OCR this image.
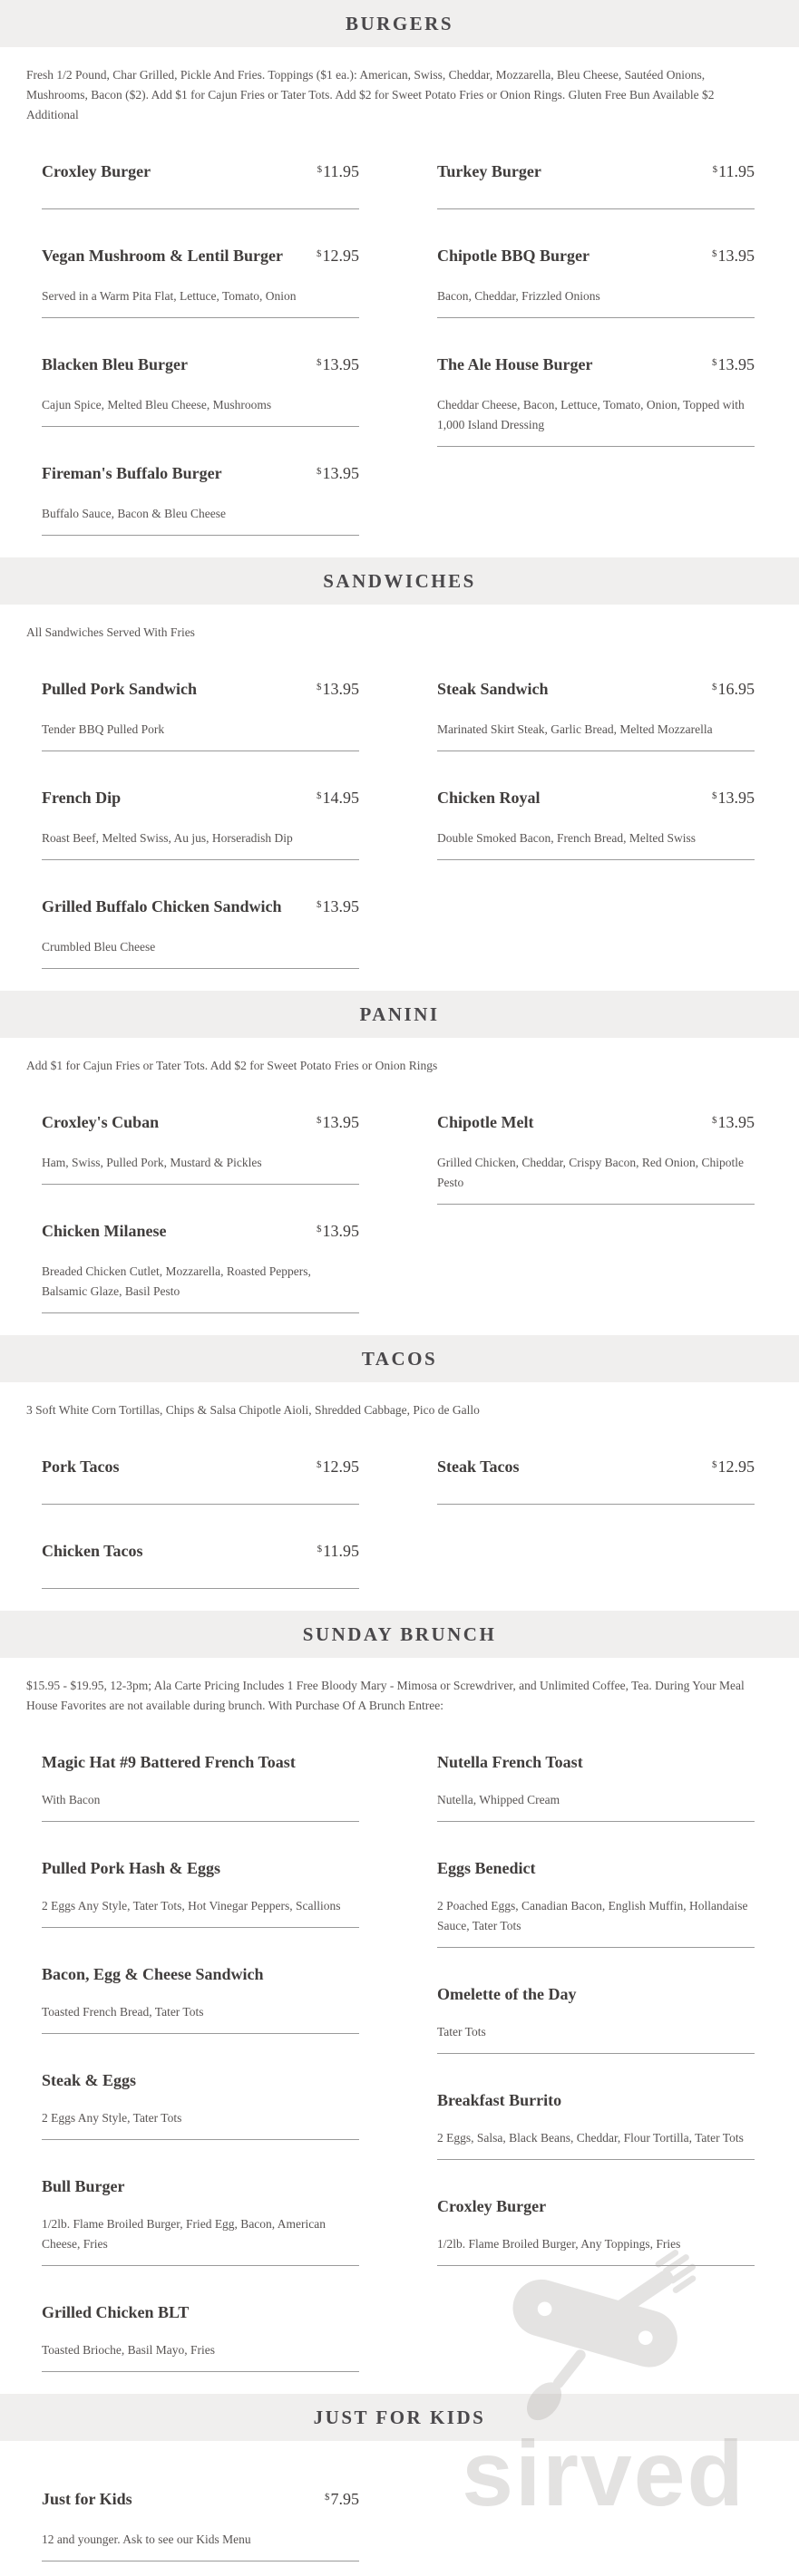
BURGERS

Fresh 1/2 Pound, Char Grilled, Pickle And Fries. Toppings ($1 ea.): American, Swiss, Cheddar, Mozzarella, Bleu Cheese, Sautéed Onions, Mushrooms, Bacon ($2). Add $1 for Cajun Fries or Tater Tots. Add $2 for Sweet Potato Fries or Onion Rings. Gluten Free Bun Available $2 Additional

Croxley Burger	$11.95
Vegan Mushroom & Lentil Burger	$12.95

Served in a Warm Pita Flat, Lettuce, Tomato, Onion

Blacken Bleu Burger	$13.95

Cajun Spice, Melted Bleu Cheese, Mushrooms

Fireman's Buffalo Burger	$13.95

Buffalo Sauce, Bacon & Bleu Cheese

Turkey Burger	$11.95
Chipotle BBQ Burger	$13.95

Bacon, Cheddar, Frizzled Onions

The Ale House Burger	$13.95

Cheddar Cheese, Bacon, Lettuce, Tomato, Onion, Topped with 1,000 Island Dressing

SANDWICHES

All Sandwiches Served With Fries

Pulled Pork Sandwich	$13.95

Tender BBQ Pulled Pork

French Dip	$14.95

Roast Beef, Melted Swiss, Au jus, Horseradish Dip

Grilled Buffalo Chicken Sandwich	$13.95

Crumbled Bleu Cheese

Steak Sandwich	$16.95

Marinated Skirt Steak, Garlic Bread, Melted Mozzarella

Chicken Royal	$13.95

Double Smoked Bacon, French Bread, Melted Swiss

PANINI

Add $1 for Cajun Fries or Tater Tots. Add $2 for Sweet Potato Fries or Onion Rings

Croxley's Cuban	$13.95

Ham, Swiss, Pulled Pork, Mustard & Pickles

Chicken Milanese	$13.95

Breaded Chicken Cutlet, Mozzarella, Roasted Peppers, Balsamic Glaze, Basil Pesto

Chipotle Melt	$13.95

Grilled Chicken, Cheddar, Crispy Bacon, Red Onion, Chipotle Pesto

TACOS

3 Soft White Corn Tortillas, Chips & Salsa Chipotle Aioli, Shredded Cabbage, Pico de Gallo

Pork Tacos	$12.95
Chicken Tacos	$11.95
Steak Tacos	$12.95
SUNDAY BRUNCH

$15.95 - $19.95, 12-3pm; Ala Carte Pricing Includes 1 Free Bloody Mary - Mimosa or Screwdriver, and Unlimited Coffee, Tea. During Your Meal House Favorites are not available during brunch. With Purchase Of A Brunch Entree:

Magic Hat #9 Battered French Toast

With Bacon

Pulled Pork Hash & Eggs

2 Eggs Any Style, Tater Tots, Hot Vinegar Peppers, Scallions

Bacon, Egg & Cheese Sandwich

Toasted French Bread, Tater Tots

Steak & Eggs

2 Eggs Any Style, Tater Tots

Bull Burger

1/2lb. Flame Broiled Burger, Fried Egg, Bacon, American Cheese, Fries

Grilled Chicken BLT

Toasted Brioche, Basil Mayo, Fries

Nutella French Toast

Nutella, Whipped Cream

Eggs Benedict

2 Poached Eggs, Canadian Bacon, English Muffin, Hollandaise Sauce, Tater Tots

Omelette of the Day

Tater Tots

Breakfast Burrito

2 Eggs, Salsa, Black Beans, Cheddar, Flour Tortilla, Tater Tots

Croxley Burger

1/2lb. Flame Broiled Burger, Any Toppings, Fries

JUST FOR KIDS
Just for Kids	$7.95

12 and younger. Ask to see our Kids Menu

sirved
